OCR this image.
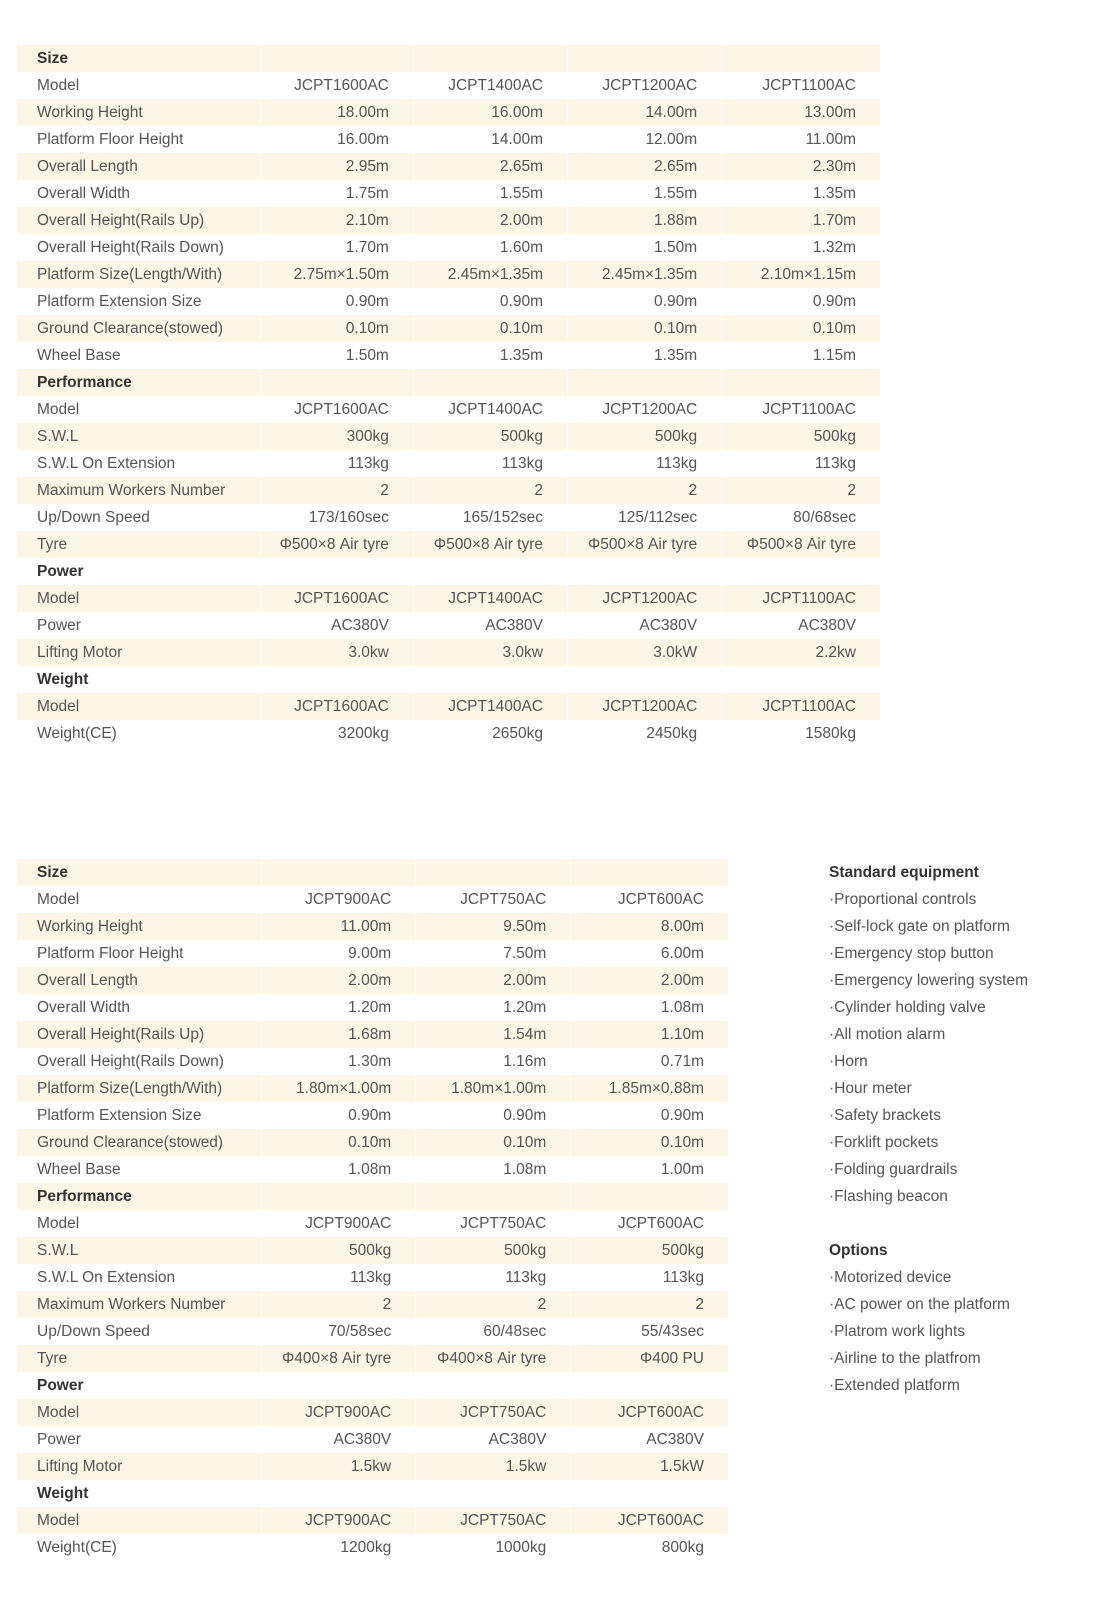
Size				
Model	JCPT1600AC	JCPT1400AC	JCPT1200AC	JCPT1100AC
Working Height	18.00m	16.00m	14.00m	13.00m
Platform Floor Height	16.00m	14.00m	12.00m	11.00m
Overall Length	2.95m	2.65m	2.65m	2.30m
Overall Width	1.75m	1.55m	1.55m	1.35m
Overall Height(Rails Up)	2.10m	2.00m	1.88m	1.70m
Overall Height(Rails Down)	1.70m	1.60m	1.50m	1.32m
Platform Size(Length/With)	2.75m×1.50m	2.45m×1.35m	2.45m×1.35m	2.10m×1.15m
Platform Extension Size	0.90m	0.90m	0.90m	0.90m
Ground Clearance(stowed)	0.10m	0.10m	0.10m	0.10m
Wheel Base	1.50m	1.35m	1.35m	1.15m
Performance				
Model	JCPT1600AC	JCPT1400AC	JCPT1200AC	JCPT1100AC
S.W.L	300kg	500kg	500kg	500kg
S.W.L On Extension	113kg	113kg	113kg	113kg
Maximum Workers Number	2	2	2	2
Up/Down Speed	173/160sec	165/152sec	125/112sec	80/68sec
Tyre	Φ500×8 Air tyre	Φ500×8 Air tyre	Φ500×8 Air tyre	Φ500×8 Air tyre
Power				
Model	JCPT1600AC	JCPT1400AC	JCPT1200AC	JCPT1100AC
Power	AC380V	AC380V	AC380V	AC380V
Lifting Motor	3.0kw	3.0kw	3.0kW	2.2kw
Weight				
Model	JCPT1600AC	JCPT1400AC	JCPT1200AC	JCPT1100AC
Weight(CE)	3200kg	2650kg	2450kg	1580kg
Size			
Model	JCPT900AC	JCPT750AC	JCPT600AC
Working Height	11.00m	9.50m	8.00m
Platform Floor Height	9.00m	7.50m	6.00m
Overall Length	2.00m	2.00m	2.00m
Overall Width	1.20m	1.20m	1.08m
Overall Height(Rails Up)	1.68m	1.54m	1.10m
Overall Height(Rails Down)	1.30m	1.16m	0.71m
Platform Size(Length/With)	1.80m×1.00m	1.80m×1.00m	1.85m×0.88m
Platform Extension Size	0.90m	0.90m	0.90m
Ground Clearance(stowed)	0.10m	0.10m	0.10m
Wheel Base	1.08m	1.08m	1.00m
Performance			
Model	JCPT900AC	JCPT750AC	JCPT600AC
S.W.L	500kg	500kg	500kg
S.W.L On Extension	113kg	113kg	113kg
Maximum Workers Number	2	2	2
Up/Down Speed	70/58sec	60/48sec	55/43sec
Tyre	Φ400×8 Air tyre	Φ400×8 Air tyre	Φ400 PU
Power			
Model	JCPT900AC	JCPT750AC	JCPT600AC
Power	AC380V	AC380V	AC380V
Lifting Motor	1.5kw	1.5kw	1.5kW
Weight			
Model	JCPT900AC	JCPT750AC	JCPT600AC
Weight(CE)	1200kg	1000kg	800kg
Standard equipment
·Proportional controls
·Self-lock gate on platform
·Emergency stop button
·Emergency lowering system
·Cylinder holding valve
·All motion alarm
·Horn
·Hour meter
·Safety brackets
·Forklift pockets
·Folding guardrails
·Flashing beacon
Options
·Motorized device
·AC power on the platform
·Platrom work lights
·Airline to the platfrom
·Extended platform
